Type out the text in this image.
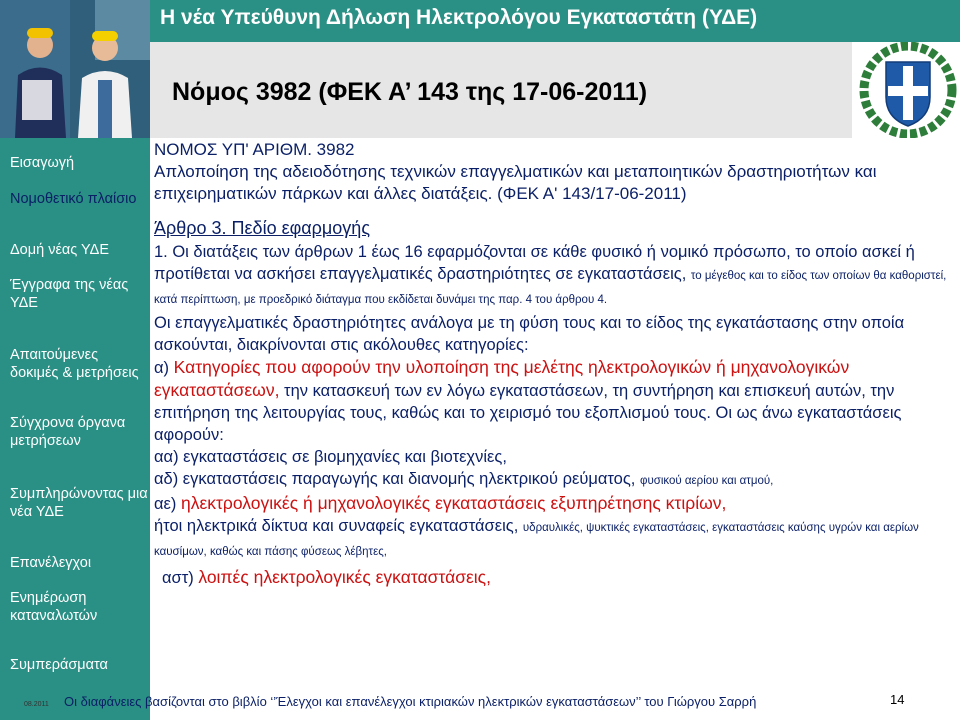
Η νέα Υπεύθυνη Δήλωση Ηλεκτρολόγου Εγκαταστάτη (ΥΔΕ)
Νόμος 3982 (ΦΕΚ Α’ 143 της 17-06-2011)
Εισαγωγή
Νομοθετικό πλαίσιο
Δομή νέας ΥΔΕ
Έγγραφα της νέας ΥΔΕ
Απαιτούμενες δοκιμές & μετρήσεις
Σύγχρονα όργανα μετρήσεων
Συμπληρώνοντας μια νέα ΥΔΕ
Επανέλεγχοι
Ενημέρωση καταναλωτών
Συμπεράσματα

ΝΟΜΟΣ ΥΠ' ΑΡΙΘΜ. 3982

Απλοποίηση της αδειοδότησης τεχνικών επαγγελματικών και μεταποιητικών δραστηριοτήτων και επιχειρηματικών πάρκων και άλλες διατάξεις. (ΦΕΚ Α' 143/17-06-2011)

Άρθρο 3. Πεδίο εφαρμογής

1. Οι διατάξεις των άρθρων 1 έως 16 εφαρμόζονται σε κάθε φυσικό ή νομικό πρόσωπο, το οποίο ασκεί ή προτίθεται να ασκήσει επαγγελματικές δραστηριότητες σε εγκαταστάσεις, το μέγεθος και το είδος των οποίων θα καθοριστεί, κατά περίπτωση, με προεδρικό διάταγμα που εκδίδεται δυνάμει της παρ. 4 του άρθρου 4.

Οι επαγγελματικές δραστηριότητες ανάλογα με τη φύση τους και το είδος της εγκατάστασης στην οποία ασκούνται, διακρίνονται στις ακόλουθες κατηγορίες:

α) Κατηγορίες που αφορούν την υλοποίηση της μελέτης ηλεκτρολογικών ή μηχανολογικών εγκαταστάσεων, την κατασκευή των εν λόγω εγκαταστάσεων, τη συντήρηση και επισκευή αυτών, την επιτήρηση της λειτουργίας τους, καθώς και το χειρισμό του εξοπλισμού τους. Οι ως άνω εγκαταστάσεις αφορούν:

αα) εγκαταστάσεις σε βιομηχανίες και βιοτεχνίες,

αδ) εγκαταστάσεις παραγωγής και διανομής ηλεκτρικού ρεύματος, φυσικού αερίου και ατμού,

αε) ηλεκτρολογικές ή μηχανολογικές εγκαταστάσεις εξυπηρέτησης κτιρίων,

ήτοι ηλεκτρικά δίκτυα και συναφείς εγκαταστάσεις, υδραυλικές, ψυκτικές εγκαταστάσεις, εγκαταστάσεις καύσης υγρών και αερίων καυσίμων, καθώς και πάσης φύσεως λέβητες,

αστ) λοιπές ηλεκτρολογικές εγκαταστάσεις,

08.2011 Οι διαφάνειες βασίζονται στο βιβλίο ‘’Έλεγχοι και επανέλεγχοι κτιριακών ηλεκτρικών εγκαταστάσεων’’ του Γιώργου Σαρρή	14
